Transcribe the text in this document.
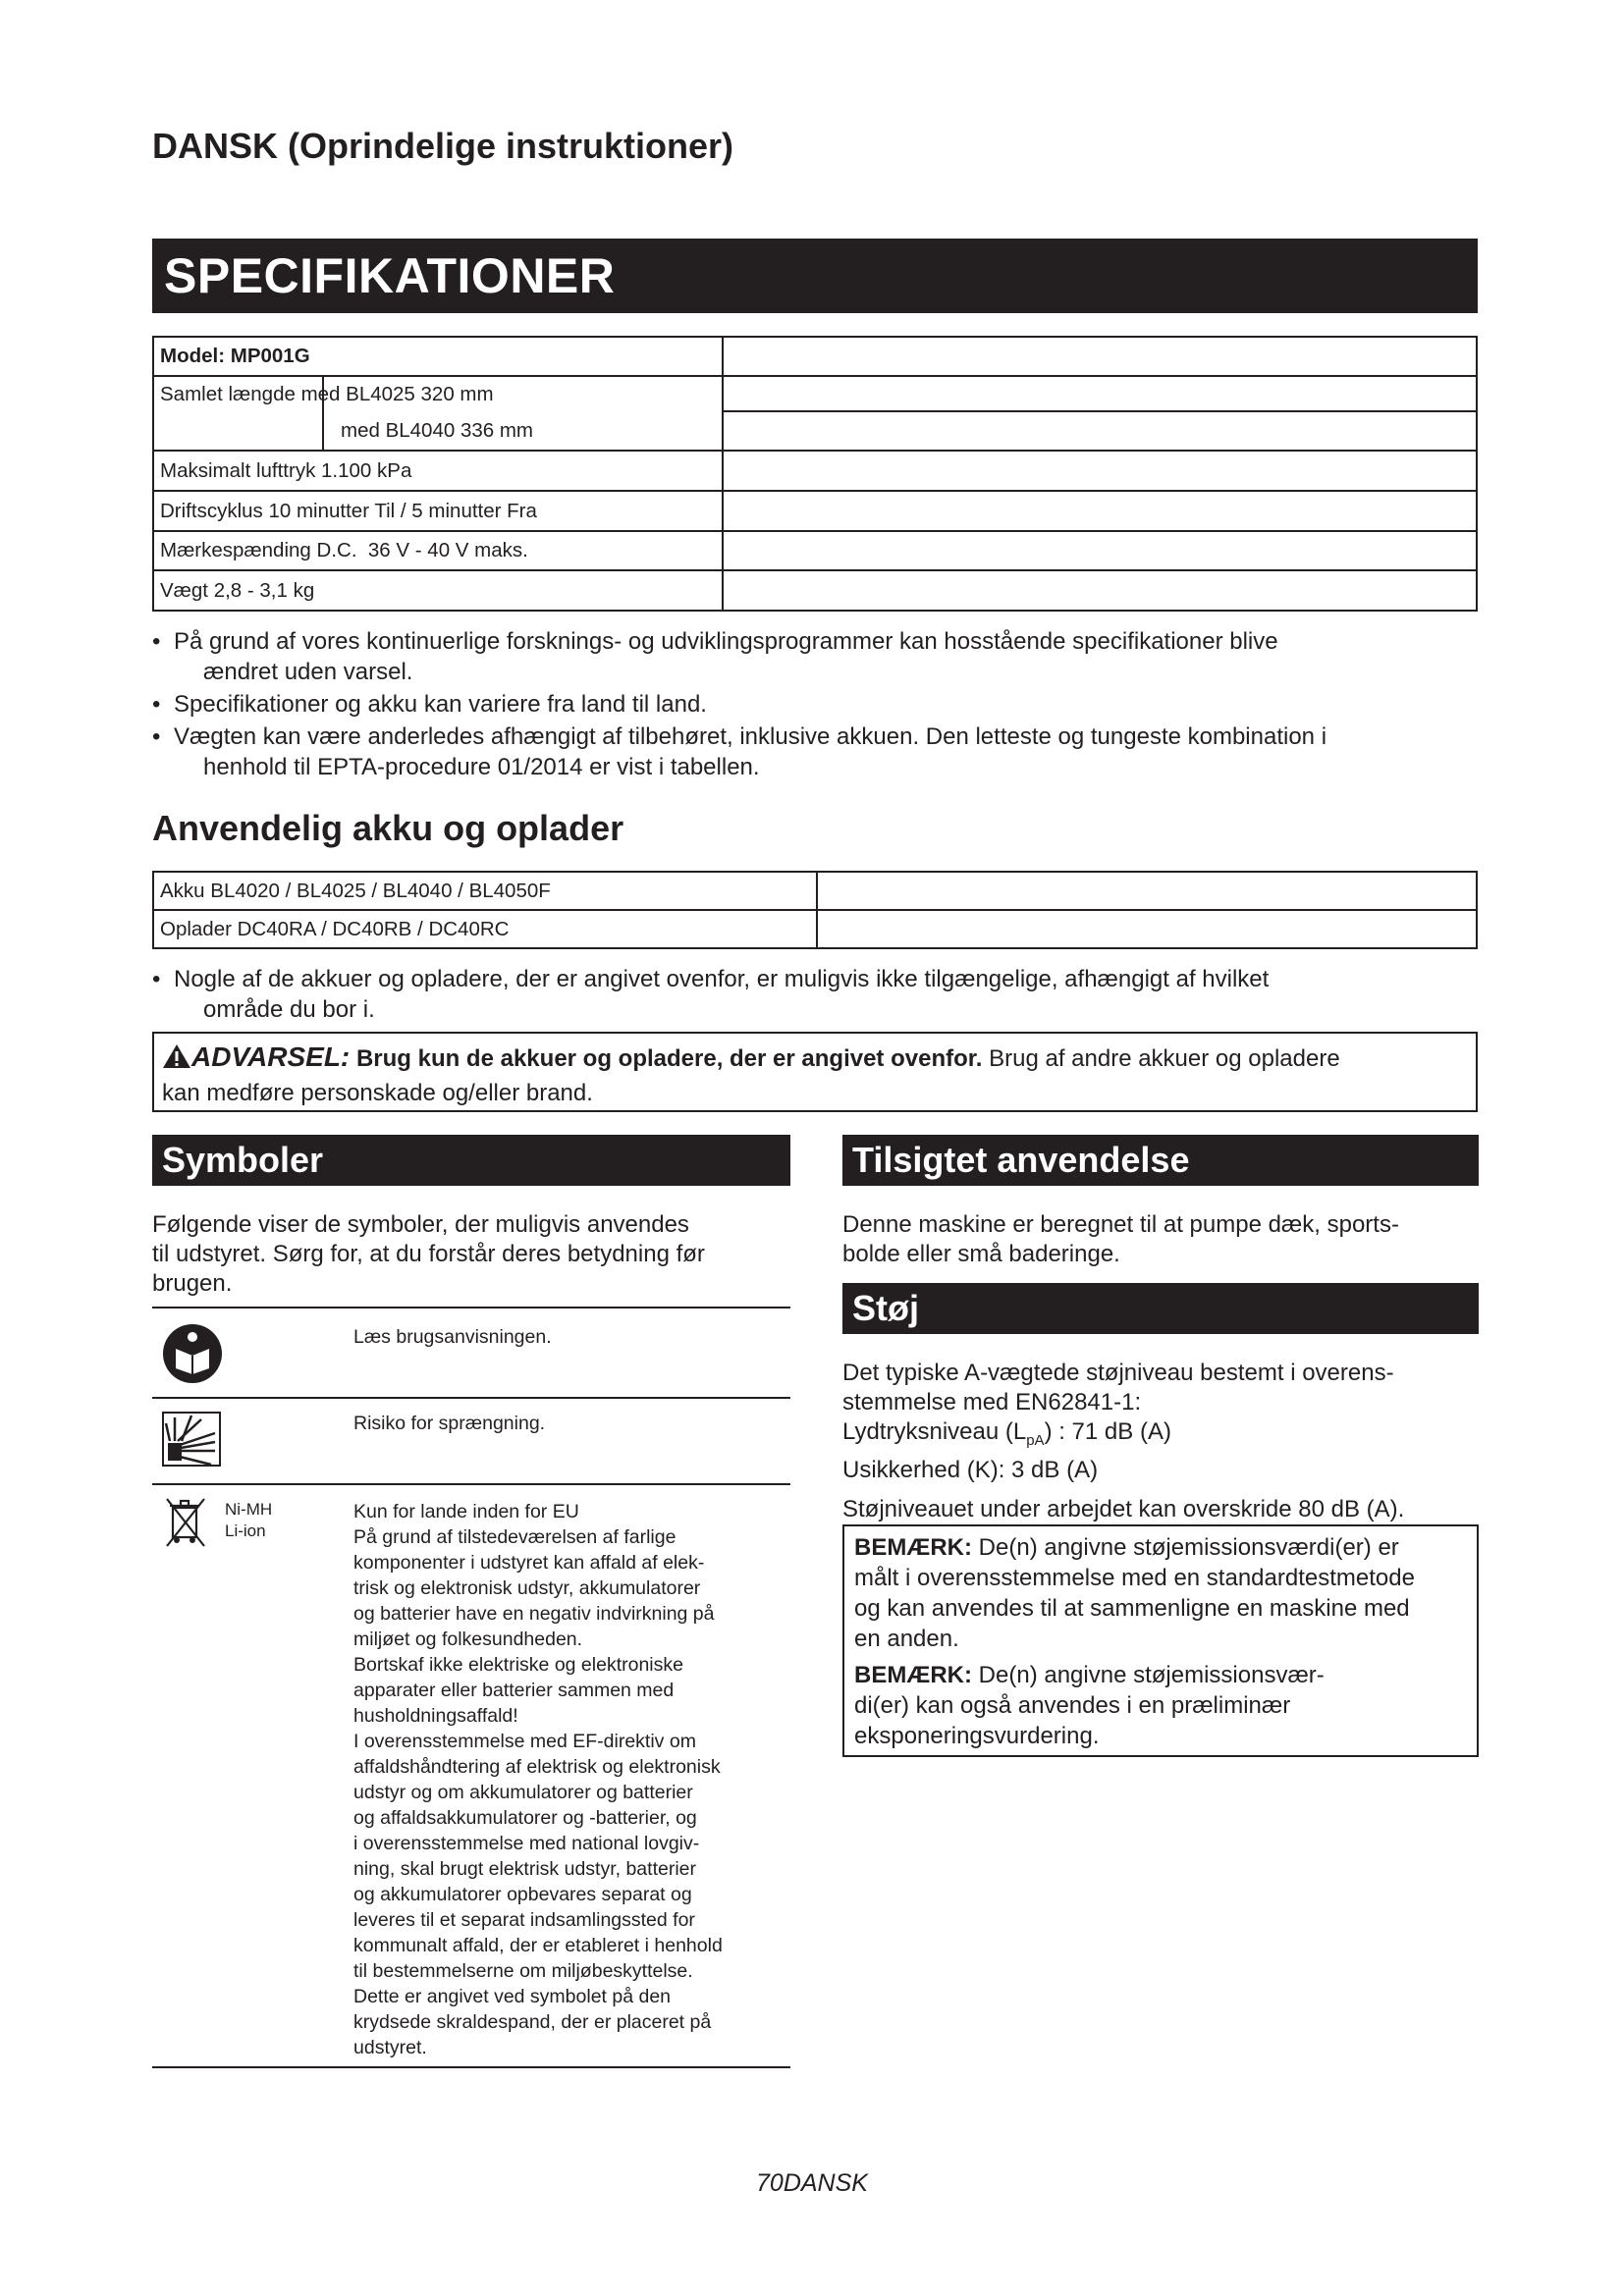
DANSK (Oprindelige instruktioner)
SPECIFIKATIONER
Model: MP001G	
Samlet længde med BL4025 320 mm

med BL4040 336 mm	
Maksimalt lufttryk 1.100 kPa	
Driftscyklus 10 minutter Til / 5 minutter Fra	
Mærkespænding D.C.  36 V - 40 V maks.	
Vægt 2,8 - 3,1 kg	
• På grund af vores kontinuerlige forsknings- og udviklingsprogrammer kan hosstående specifikationer blive
ændret uden varsel.
• Specifikationer og akku kan variere fra land til land.
• Vægten kan være anderledes afhængigt af tilbehøret, inklusive akkuen. Den letteste og tungeste kombination i
henhold til EPTA-procedure 01/2014 er vist i tabellen.
Anvendelig akku og oplader
Akku BL4020 / BL4025 / BL4040 / BL4050F	
Oplader DC40RA / DC40RB / DC40RC	
• Nogle af de akkuer og opladere, der er angivet ovenfor, er muligvis ikke tilgængelige, afhængigt af hvilket
område du bor i.
ADVARSEL: Brug kun de akkuer og opladere, der er angivet ovenfor. Brug af andre akkuer og opladere
kan medføre personskade og/eller brand.
Symboler	Tilsigtet anvendelse
Følgende viser de symboler, der muligvis anvendes
til udstyret. Sørg for, at du forstår deres betydning før
brugen.
Læs brugsanvisningen.
Risiko for sprængning.
Ni-MH
Li-ion
Kun for lande inden for EU
På grund af tilstedeværelsen af farlige
komponenter i udstyret kan affald af elek-
trisk og elektronisk udstyr, akkumulatorer
og batterier have en negativ indvirkning på
miljøet og folkesundheden.
Bortskaf ikke elektriske og elektroniske
apparater eller batterier sammen med
husholdningsaffald!
I overensstemmelse med EF-direktiv om
affaldshåndtering af elektrisk og elektronisk
udstyr og om akkumulatorer og batterier
og affaldsakkumulatorer og -batterier, og
i overensstemmelse med national lovgiv-
ning, skal brugt elektrisk udstyr, batterier
og akkumulatorer opbevares separat og
leveres til et separat indsamlingssted for
kommunalt affald, der er etableret i henhold
til bestemmelserne om miljøbeskyttelse.
Dette er angivet ved symbolet på den
krydsede skraldespand, der er placeret på
udstyret.
Denne maskine er beregnet til at pumpe dæk, sports-
bolde eller små baderinge.
Støj
Det typiske A-vægtede støjniveau bestemt i overens-
stemmelse med EN62841-1:
Lydtryksniveau $(L_{pA})$ : 71 dB (A)
Usikkerhed (K): 3 dB (A)
Støjniveauet under arbejdet kan overskride 80 dB (A).
BEMÆRK: De(n) angivne støjemissionsværdi(er) er
målt i overensstemmelse med en standardtestmetode
og kan anvendes til at sammenligne en maskine med
en anden.
BEMÆRK: De(n) angivne støjemissionsvær-
di(er) kan også anvendes i en præliminær
eksponeringsvurdering.
70DANSK
